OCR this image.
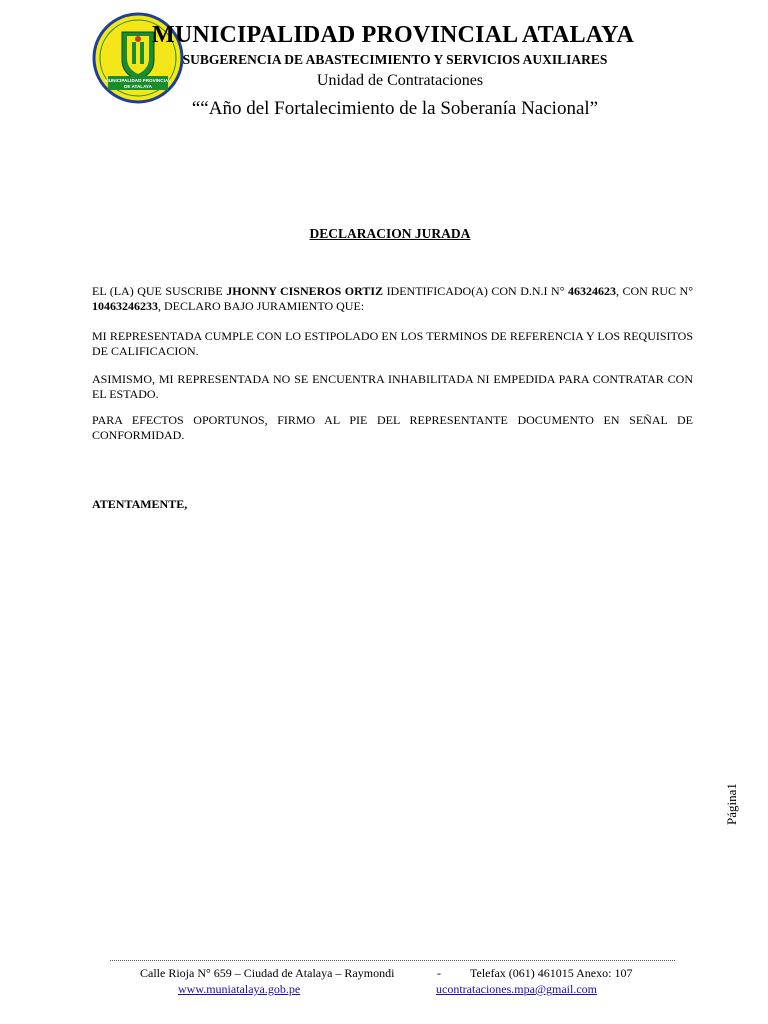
MUNICIPALIDAD PROVINCIAL
DE ATALAYA
MUNICIPALIDAD PROVINCIAL ATALAYA
SUBGERENCIA DE ABASTECIMIENTO Y SERVICIOS AUXILIARES
Unidad de Contrataciones
““Año del Fortalecimiento de la Soberanía Nacional”
DECLARACION JURADA
EL (LA) QUE SUSCRIBE JHONNY CISNEROS ORTIZ IDENTIFICADO(A) CON D.N.I N° 46324623, CON RUC N° 10463246233, DECLARO BAJO JURAMIENTO QUE:
MI REPRESENTADA CUMPLE CON LO ESTIPOLADO EN LOS TERMINOS DE REFERENCIA Y LOS REQUISITOS DE CALIFICACION.
ASIMISMO, MI REPRESENTADA NO SE ENCUENTRA INHABILITADA NI EMPEDIDA PARA CONTRATAR CON EL ESTADO.
PARA EFECTOS OPORTUNOS, FIRMO AL PIE DEL REPRESENTANTE DOCUMENTO EN SEÑAL DE CONFORMIDAD.
ATENTAMENTE,
Página1
Calle Rioja N° 659 – Ciudad de Atalaya – Raymondi	- Telefax (061) 461015 Anexo: 107
www.muniatalaya.gob.pe	ucontrataciones.mpa@gmail.com
